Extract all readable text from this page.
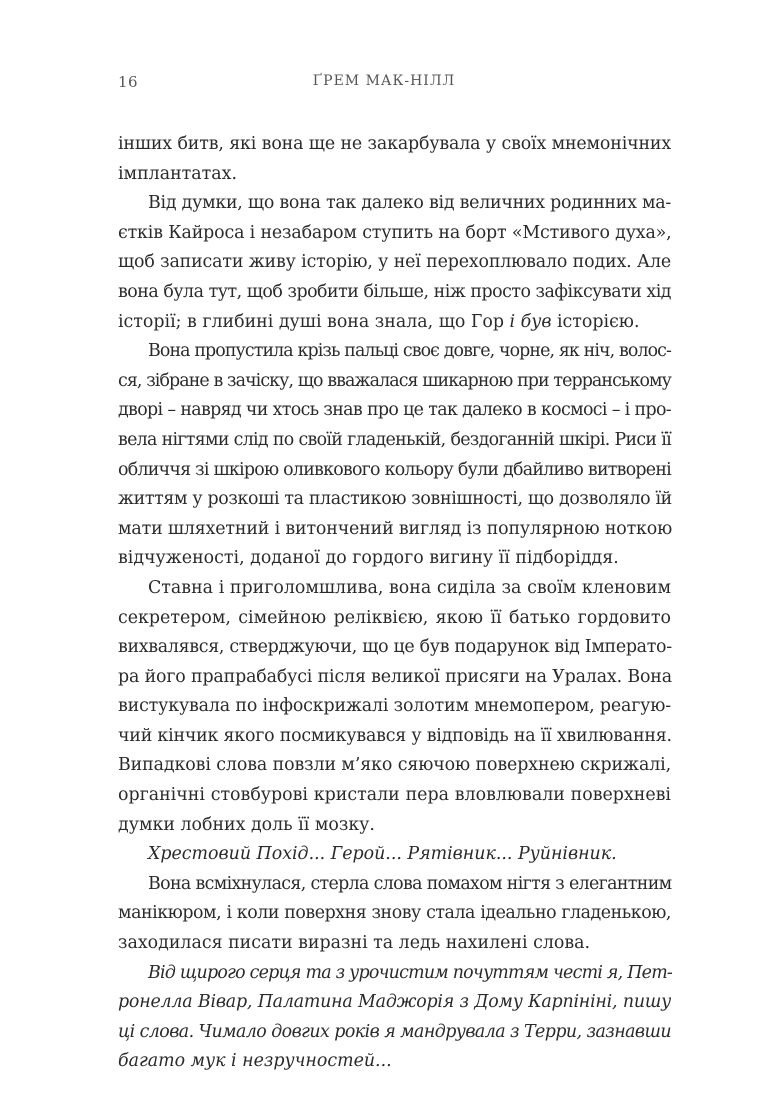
16	ҐРЕМ МАК-НІЛЛ
інших битв, які вона ще не закарбувала у своїх мнемонічних
імплантатах.
Від думки, що вона так далеко від величних родинних ма-
єтків Кайроса і незабаром ступить на борт «Мстивого духа»,
щоб записати живу історію, у неї перехоплювало подих. Але
вона була тут, щоб зробити більше, ніж просто зафіксувати хід
історії; в глибині душі вона знала, що Гор і був історією.
Вона пропустила крізь пальці своє довге, чорне, як ніч, волос-
ся, зібране в зачіску, що вважалася шикарною при терранському
дворі – навряд чи хтось знав про це так далеко в космосі – і про-
вела нігтями слід по своїй гладенькій, бездоганній шкірі. Риси її
обличчя зі шкірою оливкового кольору були дбайливо витворені
життям у розкоші та пластикою зовнішності, що дозволяло їй
мати шляхетний і витончений вигляд із популярною ноткою
відчуженості, доданої до гордого вигину її підборіддя.
Ставна і приголомшлива, вона сиділа за своїм кленовим
секретером, сімейною реліквією, якою її батько гордовито
вихвалявся, стверджуючи, що це був подарунок від Імперато-
ра його прапрабабусі після великої присяги на Уралах. Вона
вистукувала по інфоскрижалі золотим мнемопером, реагую-
чий кінчик якого посмикувався у відповідь на її хвилювання.
Випадкові слова повзли м’яко сяючою поверхнею скрижалі,
органічні стовбурові кристали пера вловлювали поверхневі
думки лобних доль її мозку.
Хрестовий Похід... Герой... Рятівник... Руйнівник.
Вона всміхнулася, стерла слова помахом нігтя з елегантним
манікюром, і коли поверхня знову стала ідеально гладенькою,
заходилася писати виразні та ледь нахилені слова.
Від щирого серця та з урочистим почуттям честі я, Пет-
ронелла Вівар, Палатина Маджорія з Дому Карпініні, пишу
ці слова. Чимало довгих років я мандрувала з Терри, зазнавши
багато мук і незручностей...
